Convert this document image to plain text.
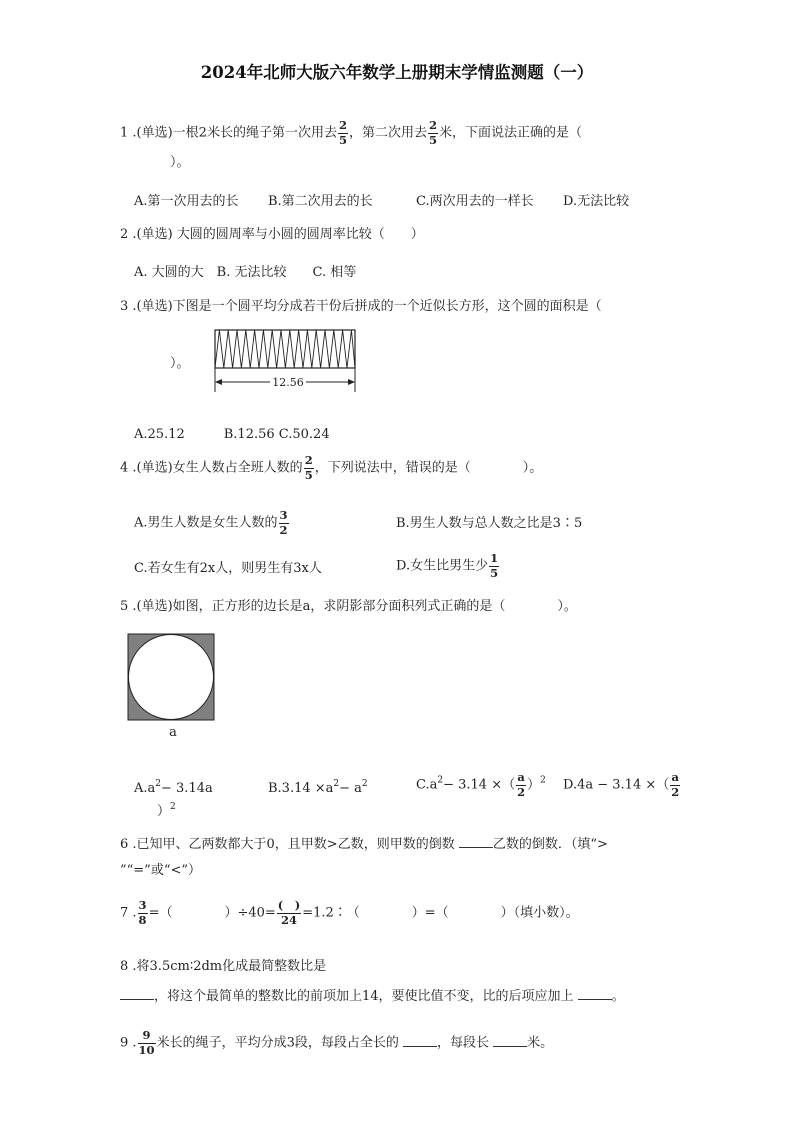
2024年北师大版六年数学上册期末学情监测题（一）
1 .(单选)一根2米长的绳子第一次用去 $\frac{2}{5}$ ，第二次用去 $\frac{2}{5}$ 米，下面说法正确的是（
）。
A.第一次用去的长 B.第二次用去的长	C.两次用去的一样长 D.无法比较
2 .(单选) 大圆的圆周率与小圆的圆周率比较（　　）
A. 大圆的大　B. 无法比较　　C. 相等
3 .(单选)下图是一个圆平均分成若干份后拼成的一个近似长方形，这个圆的面积是（
）。
12.56
A.25.12　　　B.12.56 C.50.24
4 .(单选)女生人数占全班人数的 $\frac{2}{5}$ ，下列说法中，错误的是（　　　　）。
A.男生人数是女生人数的 $\frac{3}{2}$	B.男生人数与总人数之比是3∶5
C.若女生有2x人，则男生有3x人	D.女生比男生少 $\frac{1}{5}$
5 .(单选)如图，正方形的边长是a，求阴影部分面积列式正确的是（　　　　）。
a
$A.a^2- 3.14a$	$B.3.14 \times a^2- a^2$	$C.a^2- 3.14$ ×（ $\frac{a}{2} )^2$ D.4a − 3.14 ×（ $\frac{a}{2}$
）$^2$
6 .已知甲、乙两数都大于0，且甲数>乙数，则甲数的倒数	乙数的倒数．（填“>
”“=”或“<”）
7 . $\frac{3}{8}$ =（　　　　）$\div 40= \frac{( )}{24}$ =1.2∶（　　　　）=（　　　　）（填小数）。
8 .将3.5cm∶2dm化成最简整数比是
，将这个最简单的整数比的前项加上14，要使比值不变，比的后项应加上	。
9 . $\frac{9}{10}$ 米长的绳子，平均分成3段，每段占全长的	，每段长	米。
